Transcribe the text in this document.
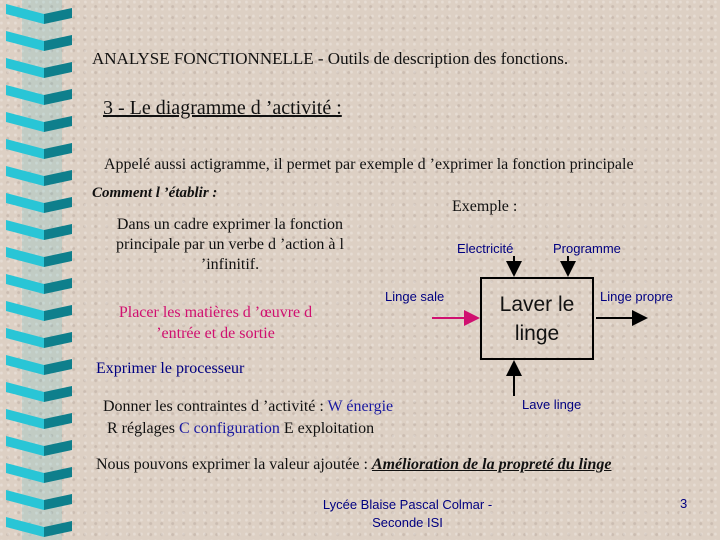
ANALYSE FONCTIONNELLE - Outils de description des fonctions.
3 - Le diagramme d ’activité :
Appelé aussi actigramme, il permet par exemple d ’exprimer la fonction principale
Comment l ’établir :
Dans un cadre exprimer la fonction principale par un verbe d ’action à l ’infinitif.
Placer les matières d ’œuvre d ’entrée et de sortie
Exprimer le processeur
Donner les contraintes d ’activité : W énergie
R réglages C configuration E exploitation
Nous pouvons exprimer la valeur ajoutée : Amélioration de la propreté du linge
Exemple :
Electricité	Programme
Linge sale	Linge propre
Lave linge
Laver le linge
Lycée Blaise Pascal Colmar - Seconde ISI
3
